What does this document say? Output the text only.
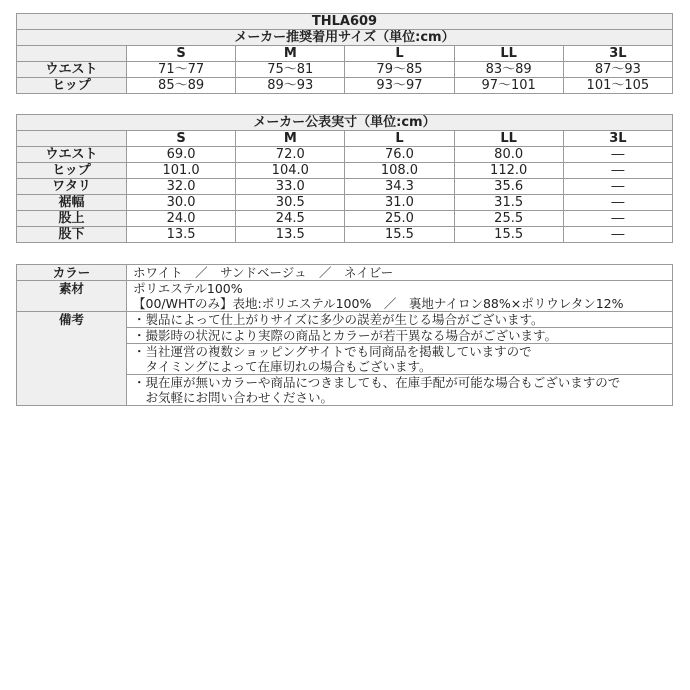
THLA609					
メーカー推奨着用サイズ（単位:cm）					
	S	M	L	LL	3L
ウエスト	71～77	75～81	79～85	83～89	87～93
ヒップ	85～89	89～93	93～97	97～101	101～105
メーカー公表実寸（単位:cm）					
	S	M	L	LL	3L
ウエスト	69.0	72.0	76.0	80.0	―
ヒップ	101.0	104.0	108.0	112.0	―
ワタリ	32.0	33.0	34.3	35.6	―
裾幅	30.0	30.5	31.0	31.5	―
股上	24.0	24.5	25.0	25.5	―
股下	13.5	13.5	15.5	15.5	―
カラー	ホワイト　／　サンドベージュ　／　ネイビー
素材	ポリエステル100%
【00/WHTのみ】表地:ポリエステル100%　／　裏地ナイロン88%×ポリウレタン12%

備考	・製品によって仕上がりサイズに多少の誤差が生じる場合がございます。

	・撮影時の状況により実際の商品とカラーが若干異なる場合がございます。

	・当社運営の複数ショッピングサイトでも同商品を掲載していますので
　タイミングによって在庫切れの場合もございます。

	・現在庫が無いカラーや商品につきましても、在庫手配が可能な場合もございますので
　お気軽にお問い合わせください。
